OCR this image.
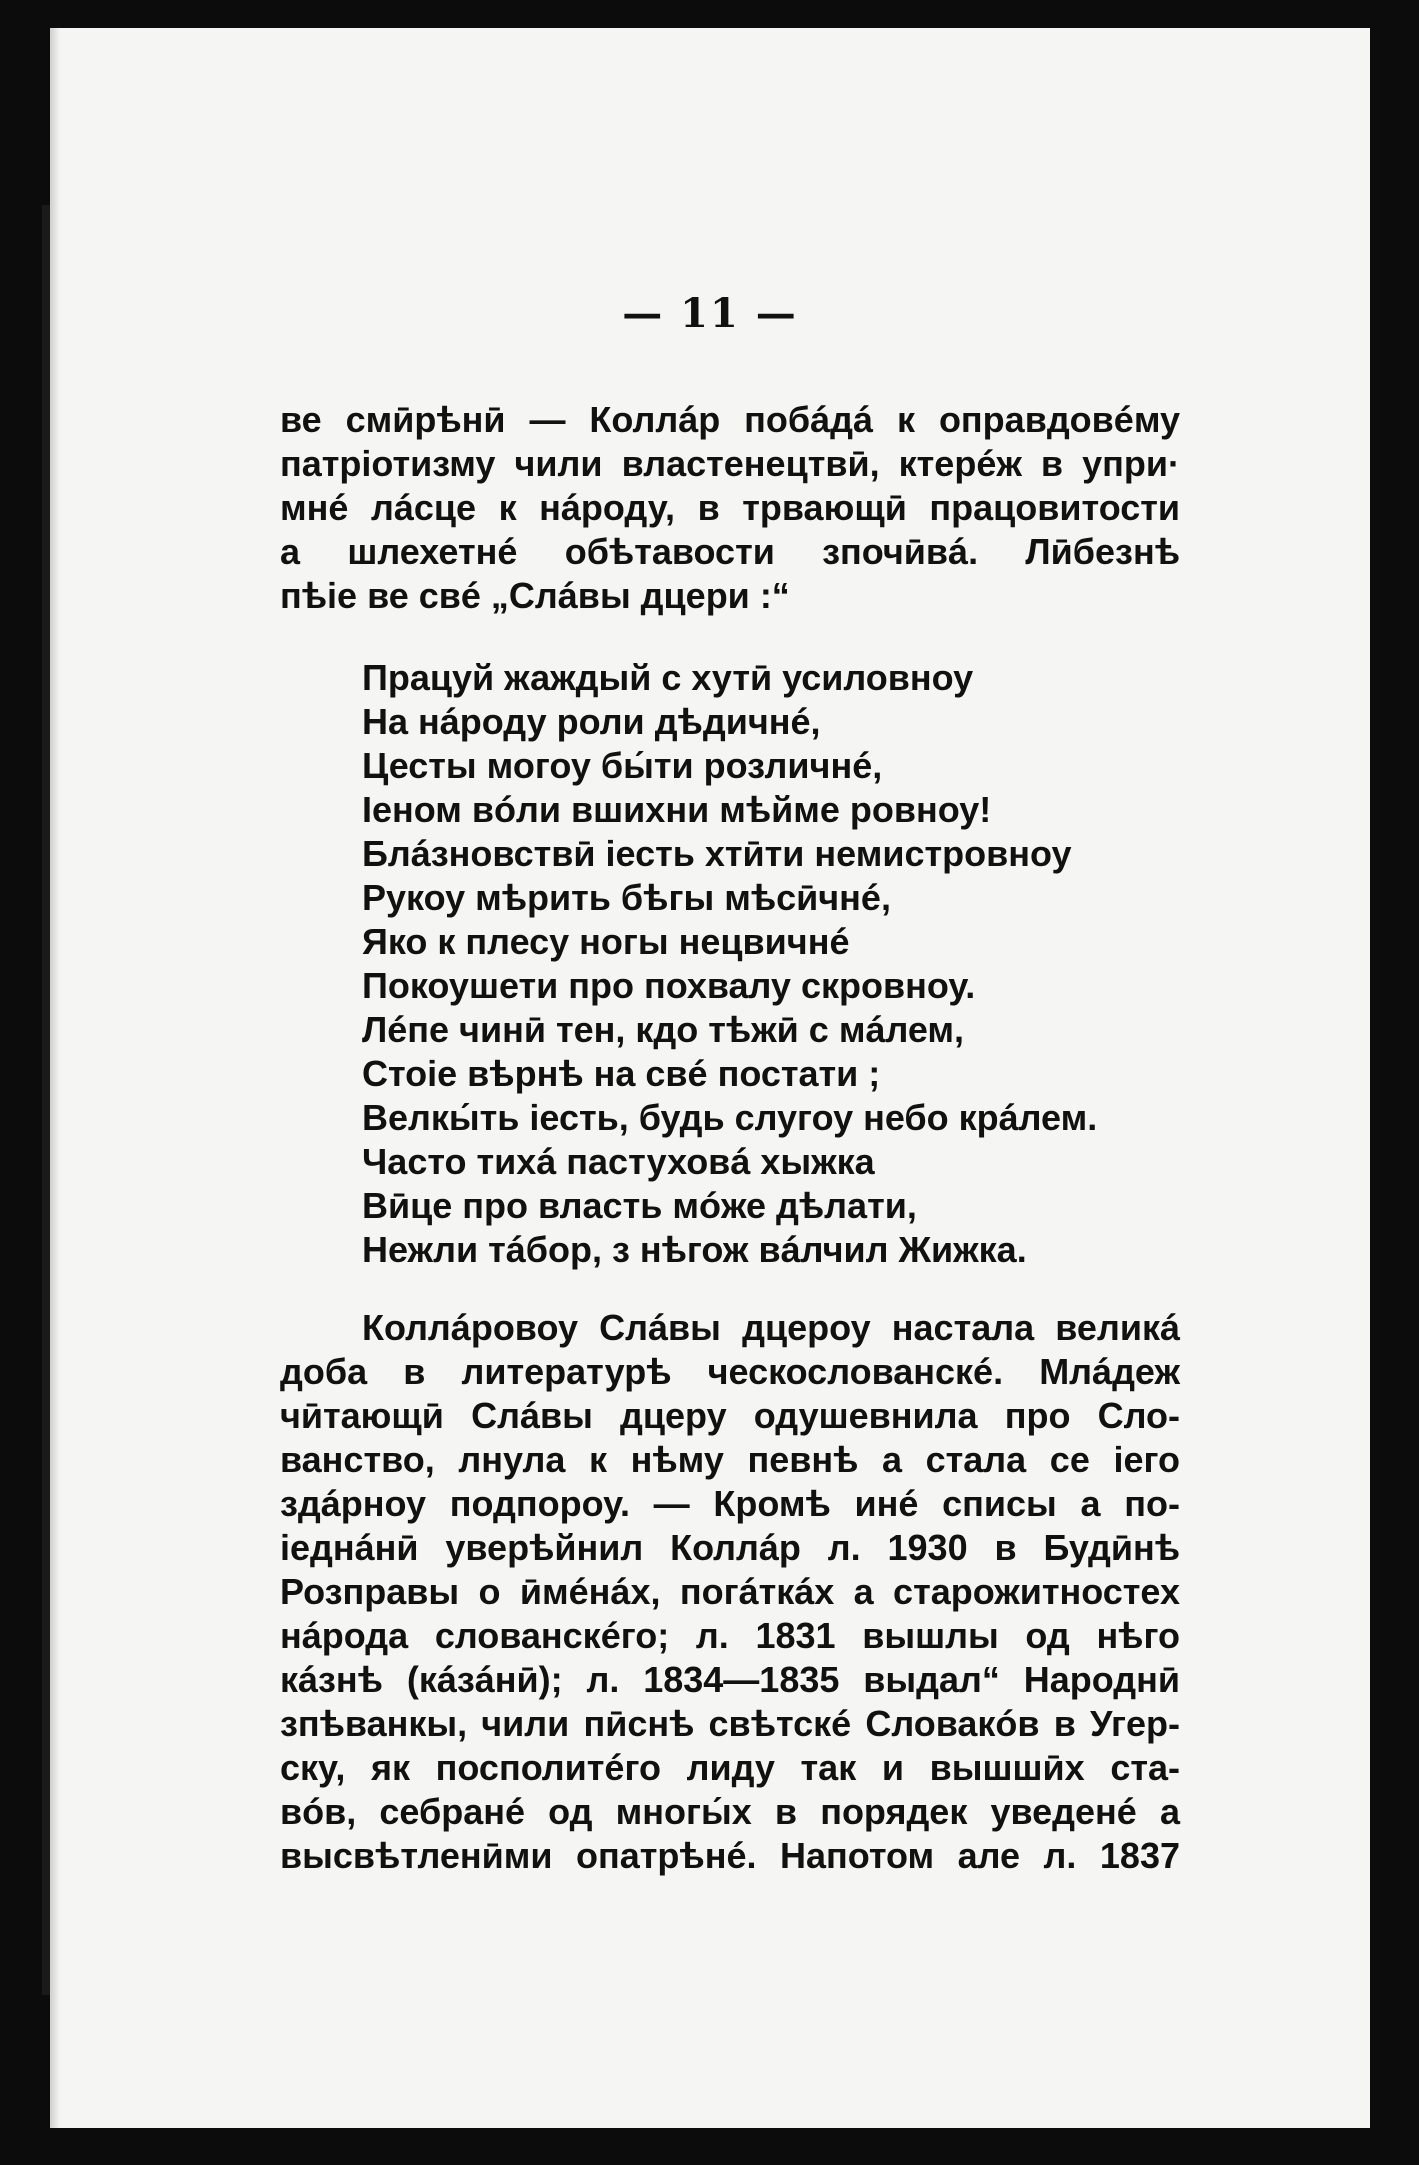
— 11 —
ве смӣрѣнӣ — Коллáр побáдá к оправдовéму
патріотизму чили властенецтвӣ, ктерéж в упри·
мнé лáсце к нáроду, в трвающӣ працовитости
а шлехетнé обѣтавости зпочӣвá. Лӣбезнѣ
пѣіе ве свé „Слáвы дцери :“
Працуй жаждый с хутӣ усиловноу
На нáроду роли дѣдичнé,
Цесты могоу бы́ти розличнé,
Іеном вóли вшихни мѣйме ровноу!
Блáзновствӣ іесть хтӣти немистровноу
Рукоу мѣрить бѣгы мѣсӣчнé,
Яко к плесу ногы нецвичнé
Покоушети про похвалу скровноу.
Лéпе чинӣ тен, кдо тѣжӣ с мáлем,
Стоіе вѣрнѣ на свé постати ;
Велкы́ть іесть, будь слугоу небо крáлем.
Часто тихá пастуховá хыжка
Вӣце про власть мóже дѣлати,
Нежли тáбор, з нѣгож вáлчил Жижка.
Коллáровоу Слáвы дцероу настала великá
доба в литературѣ ческослованскé. Млáдеж
чӣтающӣ Слáвы дцеру одушевнила про Сло-
ванство, лнула к нѣму певнѣ а стала се іего
здáрноу подпороу. — Кромѣ инé списы а по-
іеднáнӣ уверѣйнил Коллáр л. 1930 в Будӣнѣ
Розправы о ӣмéнáх, погáткáх а старожитностех
нáрода слованскéго; л. 1831 вышлы од нѣго
кáзнѣ (кáзáнӣ); л. 1834—1835 выдал“ Народнӣ
зпѣванкы, чили пӣснѣ свѣтскé Словакóв в Угер-
ску, як посполитéго лиду так и вышшӣх ста-
вóв, себранé од многы́х в порядек уведенé а
высвѣтленӣми опатрѣнé. Напотом але л. 1837
